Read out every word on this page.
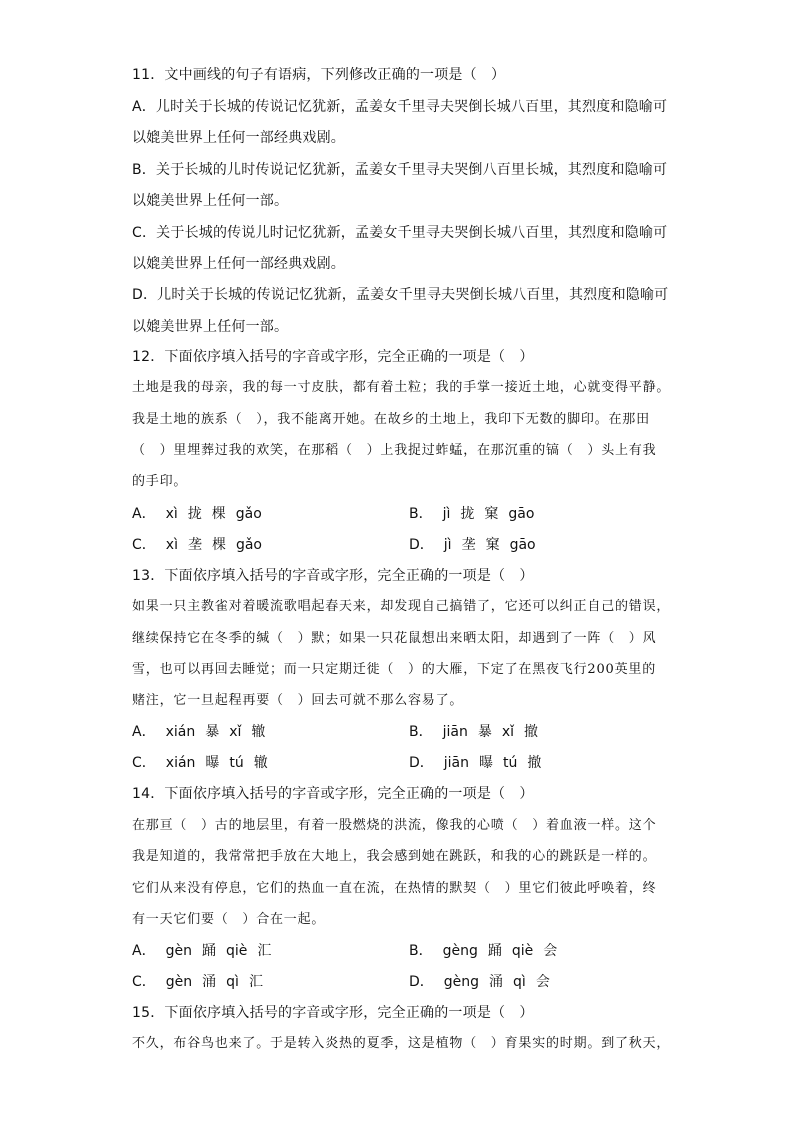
11．文中画线的句子有语病，下列修改正确的一项是（　）
A．儿时关于长城的传说记忆犹新，孟姜女千里寻夫哭倒长城八百里，其烈度和隐喻可
以媲美世界上任何一部经典戏剧。
B．关于长城的儿时传说记忆犹新，孟姜女千里寻夫哭倒八百里长城，其烈度和隐喻可
以媲美世界上任何一部。
C．关于长城的传说儿时记忆犹新，孟姜女千里寻夫哭倒长城八百里，其烈度和隐喻可
以媲美世界上任何一部经典戏剧。
D．儿时关于长城的传说记忆犹新，孟姜女千里寻夫哭倒长城八百里，其烈度和隐喻可
以媲美世界上任何一部。
12．下面依序填入括号的字音或字形，完全正确的一项是（　）
土地是我的母亲，我的每一寸皮肤，都有着土粒；我的手掌一接近土地，心就变得平静。
我是土地的族系（　），我不能离开她。在故乡的土地上，我印下无数的脚印。在那田
（　）里埋葬过我的欢笑，在那稻（　）上我捉过蚱蜢，在那沉重的镐（　）头上有我
的手印。
A． xì 拢 棵 gǎo	B． jì 拢 窠 gāo
C． xì 垄 棵 gǎo	D． jì 垄 窠 gāo
13．下面依序填入括号的字音或字形，完全正确的一项是（　）
如果一只主教雀对着暖流歌唱起春天来，却发现自己搞错了，它还可以纠正自己的错误，
继续保持它在冬季的缄（　）默；如果一只花鼠想出来晒太阳，却遇到了一阵（　）风
雪，也可以再回去睡觉；而一只定期迁徙（　）的大雁，下定了在黑夜飞行200英里的
赌注，它一旦起程再要（　）回去可就不那么容易了。
A． xián 暴 xǐ 辙	B． jiān 暴 xǐ 撤
C． xián 曝 tú 辙	D． jiān 曝 tú 撤
14．下面依序填入括号的字音或字形，完全正确的一项是（　）
在那亘（　）古的地层里，有着一股燃烧的洪流，像我的心喷（　）着血液一样。这个
我是知道的，我常常把手放在大地上，我会感到她在跳跃，和我的心的跳跃是一样的。
它们从来没有停息，它们的热血一直在流，在热情的默契（　）里它们彼此呼唤着，终
有一天它们要（　）合在一起。
A． gèn 踊 qiè 汇	B． gèng 踊 qiè 会
C． gèn 涌 qì 汇	D． gèng 涌 qì 会
15．下面依序填入括号的字音或字形，完全正确的一项是（　）
不久，布谷鸟也来了。于是转入炎热的夏季，这是植物（　）育果实的时期。到了秋天，
